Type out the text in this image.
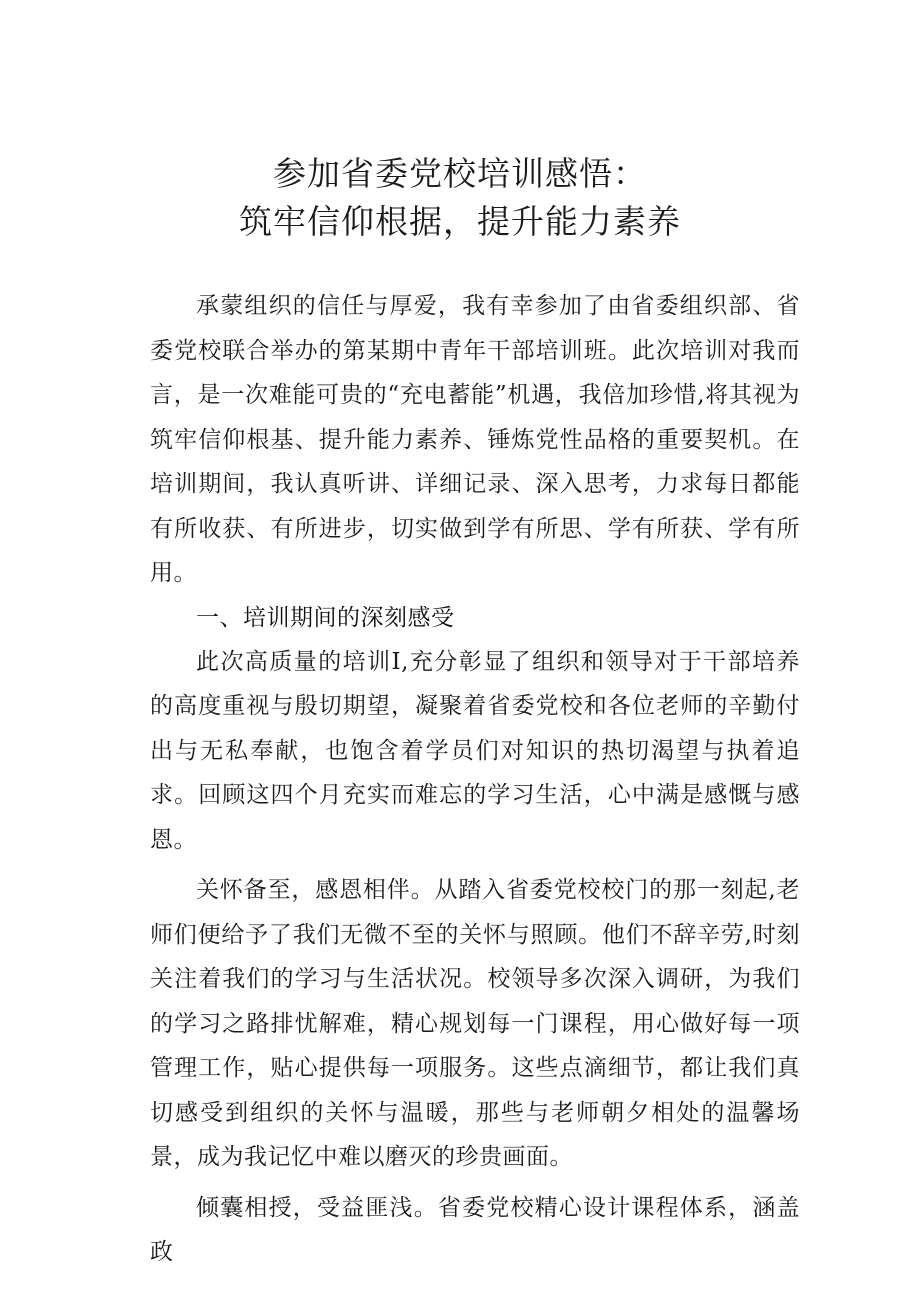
参加省委党校培训感悟：
筑牢信仰根据，提升能力素养

承蒙组织的信任与厚爱，我有幸参加了由省委组织部、省委党校联合举办的第某期中青年干部培训班。此次培训对我而言，是一次难能可贵的“充电蓄能”机遇，我倍加珍惜,将其视为筑牢信仰根基、提升能力素养、锤炼党性品格的重要契机。在培训期间，我认真听讲、详细记录、深入思考，力求每日都能有所收获、有所进步，切实做到学有所思、学有所获、学有所用。

一、培训期间的深刻感受

此次高质量的培训I,充分彰显了组织和领导对于干部培养的高度重视与殷切期望，凝聚着省委党校和各位老师的辛勤付出与无私奉献，也饱含着学员们对知识的热切渴望与执着追求。回顾这四个月充实而难忘的学习生活，心中满是感慨与感恩。

关怀备至，感恩相伴。从踏入省委党校校门的那一刻起,老师们便给予了我们无微不至的关怀与照顾。他们不辞辛劳,时刻关注着我们的学习与生活状况。校领导多次深入调研，为我们的学习之路排忧解难，精心规划每一门课程，用心做好每一项管理工作，贴心提供每一项服务。这些点滴细节，都让我们真切感受到组织的关怀与温暖，那些与老师朝夕相处的温馨场景，成为我记忆中难以磨灭的珍贵画面。

倾囊相授，受益匪浅。省委党校精心设计课程体系，涵盖政
